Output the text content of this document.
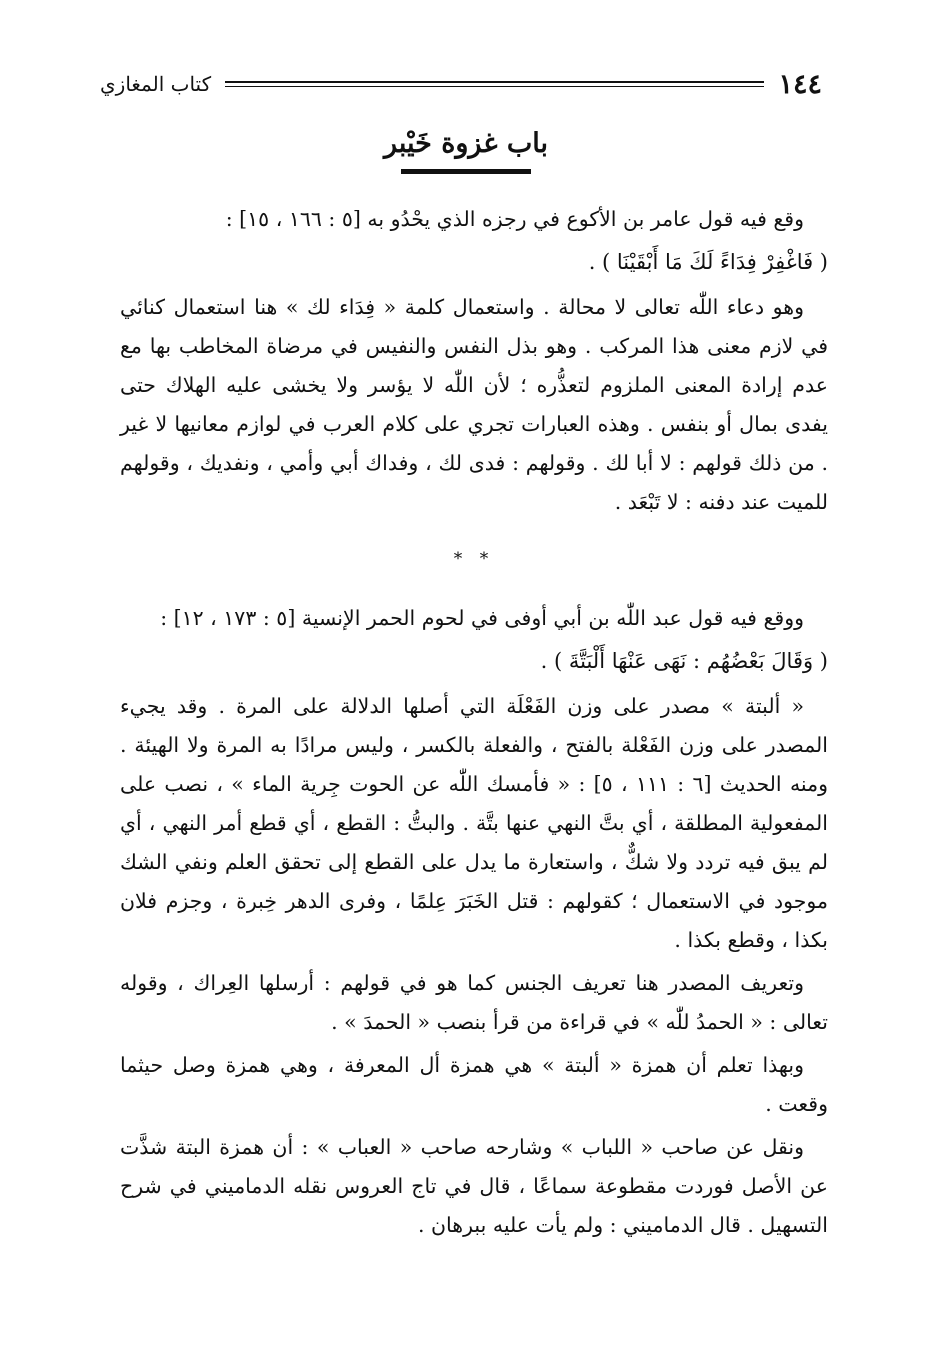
١٤٤
كتاب المغازي
باب غزوة خَيْبر

وقع فيه قول عامر بن الأكوع في رجزه الذي يحْدُو به [٥ : ١٦٦ ، ١٥] :

( فَاغْفِرْ فِدَاءً لَكَ مَا أَبْقَيْنَا ) .

وهو دعاء اللّٰه تعالى لا محالة . واستعمال كلمة « فِدَاء لك » هنا استعمال كنائي في لازم معنى هذا المركب . وهو بذل النفس والنفيس في مرضاة المخاطب بها مع عدم إرادة المعنى الملزوم لتعذُّره ؛ لأن اللّٰه لا يؤسر ولا يخشى عليه الهلاك حتى يفدى بمال أو بنفس . وهذه العبارات تجري على كلام العرب في لوازم معانيها لا غير . من ذلك قولهم : لا أبا لك . وقولهم : فدى لك ، وفداك أبي وأمي ، ونفديك ، وقولهم للميت عند دفنه : لا تَبْعَد .

* *

ووقع فيه قول عبد اللّٰه بن أبي أوفى في لحوم الحمر الإنسية [٥ : ١٧٣ ، ١٢] :

( وَقَالَ بَعْضُهُم : نَهَى عَنْهَا أَلْبَتَّةَ ) .

« ألبتة » مصدر على وزن الفَعْلَة التي أصلها الدلالة على المرة . وقد يجيء المصدر على وزن الفَعْلة بالفتح ، والفعلة بالكسر ، وليس مرادًا به المرة ولا الهيئة . ومنه الحديث [٦ : ١١١ ، ٥] : « فأمسك اللّٰه عن الحوت جِرية الماء » ، نصب على المفعولية المطلقة ، أي بتَّ النهي عنها بتَّة . والبتُّ : القطع ، أي قطع أمر النهي ، أي لم يبق فيه تردد ولا شكٌّ ، واستعارة ما يدل على القطع إلى تحقق العلم ونفي الشك موجود في الاستعمال ؛ كقولهم : قتل الخَبَرَ عِلمًا ، وفرى الدهر خِبرة ، وجزم فلان بكذا ، وقطع بكذا .

وتعريف المصدر هنا تعريف الجنس كما هو في قولهم : أرسلها العِراك ، وقوله تعالى : « الحمدُ للّٰه » في قراءة من قرأ بنصب « الحمدَ » .

وبهذا تعلم أن همزة « ألبتة » هي همزة أل المعرفة ، وهي همزة وصل حيثما وقعت .

ونقل عن صاحب « اللباب » وشارحه صاحب « العباب » : أن همزة البتة شذَّت عن الأصل فوردت مقطوعة سماعًا ، قال في تاج العروس نقله الدماميني في شرح التسهيل . قال الدماميني : ولم يأت عليه ببرهان .
